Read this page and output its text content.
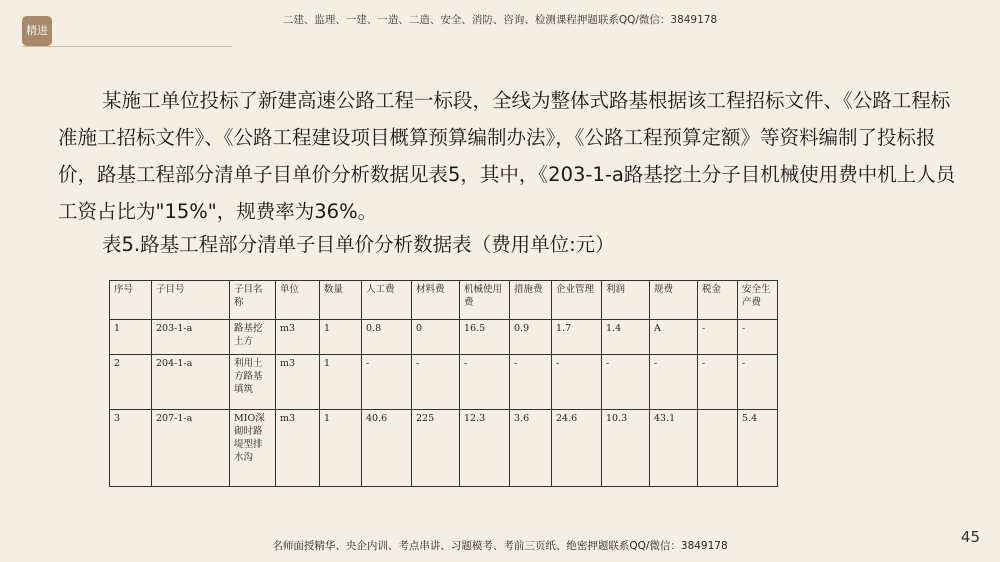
精进
二建、监理、一建、一造、二造、安全、消防、咨询、检测课程押题联系QQ/微信：3849178
某施工单位投标了新建高速公路工程一标段，全线为整体式路基根据该工程招标文件、《公路工程标准施工招标文件》、《公路工程建设项目概算预算编制办法》，《公路工程预算定额》等资料编制了投标报价，路基工程部分清单子目单价分析数据见表5，其中，《203-1-a路基挖土分子目机械使用费中机上人员工资占比为"15%"，规费率为36%。
表5.路基工程部分清单子目单价分析数据表（费用单位:元）
序号	子目号	子目名称	单位	数量	人工费	材料费	机械使用费	措施费	企业管理	利润	规费	税金	安全生产费
1	203-1-a	路基挖土方	m3	1	0.8	0	16.5	0.9	1.7	1.4	A	-	-
2	204-1-a	利用土方路基填筑	m3	1	-	-	-	-	-	-	-	-	-
3	207-1-a	MIO深砌时路堤型排水沟	m3	1	40.6	225	12.3	3.6	24.6	10.3	43.1		5.4
45
名师面授精华、央企内训、考点串讲、习题模考、考前三页纸、绝密押题联系QQ/微信：3849178
